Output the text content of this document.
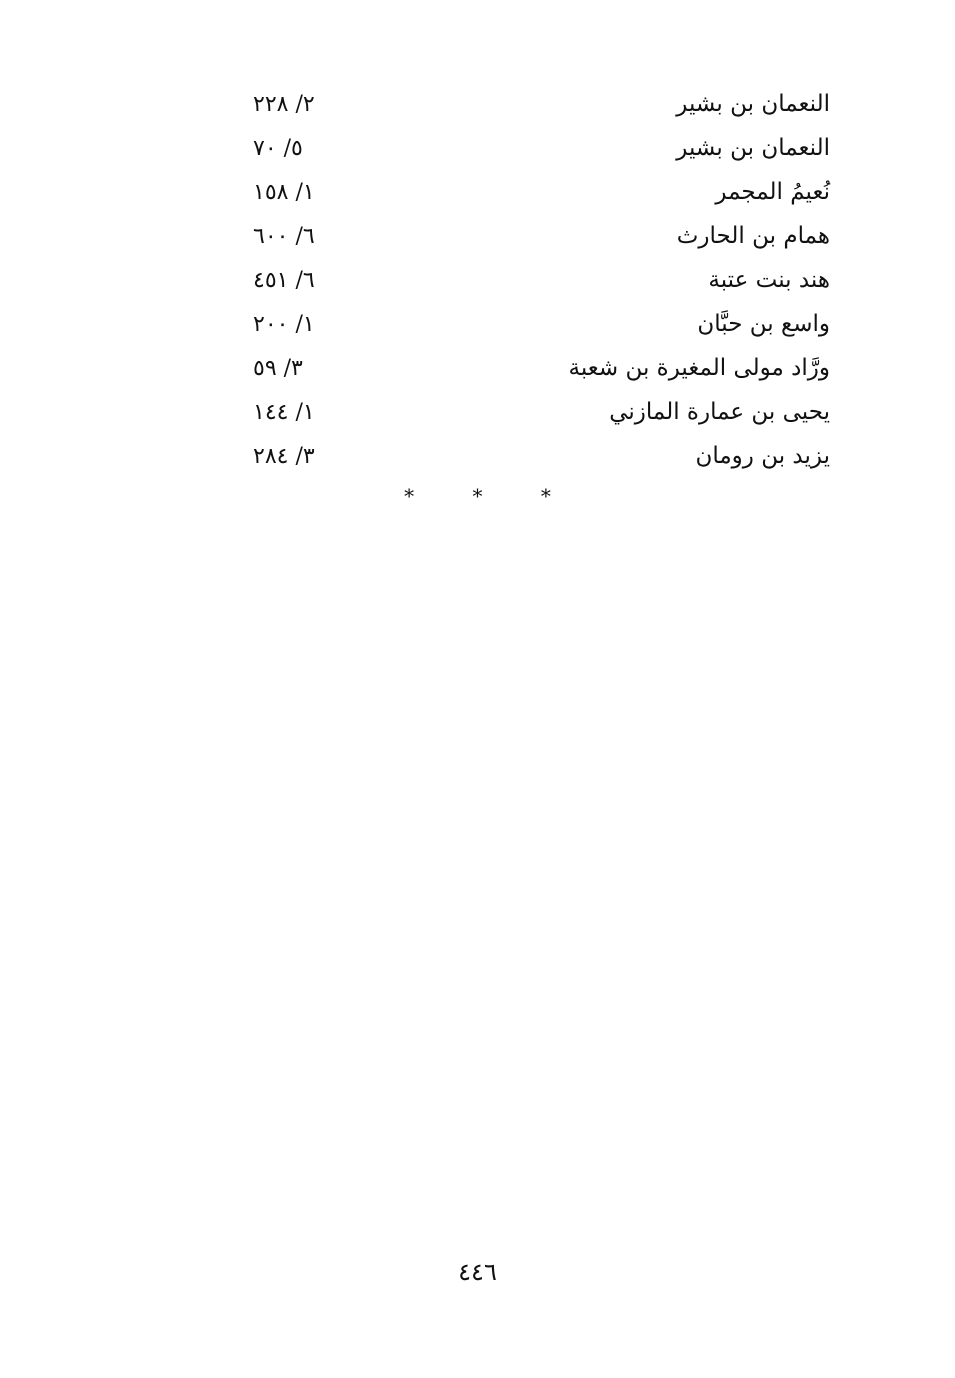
٢/ ٢٢٨	النعمان بن بشير
٥/ ٧٠	النعمان بن بشير
١/ ١٥٨	نُعيمُ المجمر
٦/ ٦٠٠	همام بن الحارث
٦/ ٤٥١	هند بنت عتبة
١/ ٢٠٠	واسع بن حبَّان
٣/ ٥٩	ورَّاد مولى المغيرة بن شعبة
١/ ١٤٤	يحيى بن عمارة المازني
٣/ ٢٨٤	يزيد بن رومان
* * *
٤٤٦
